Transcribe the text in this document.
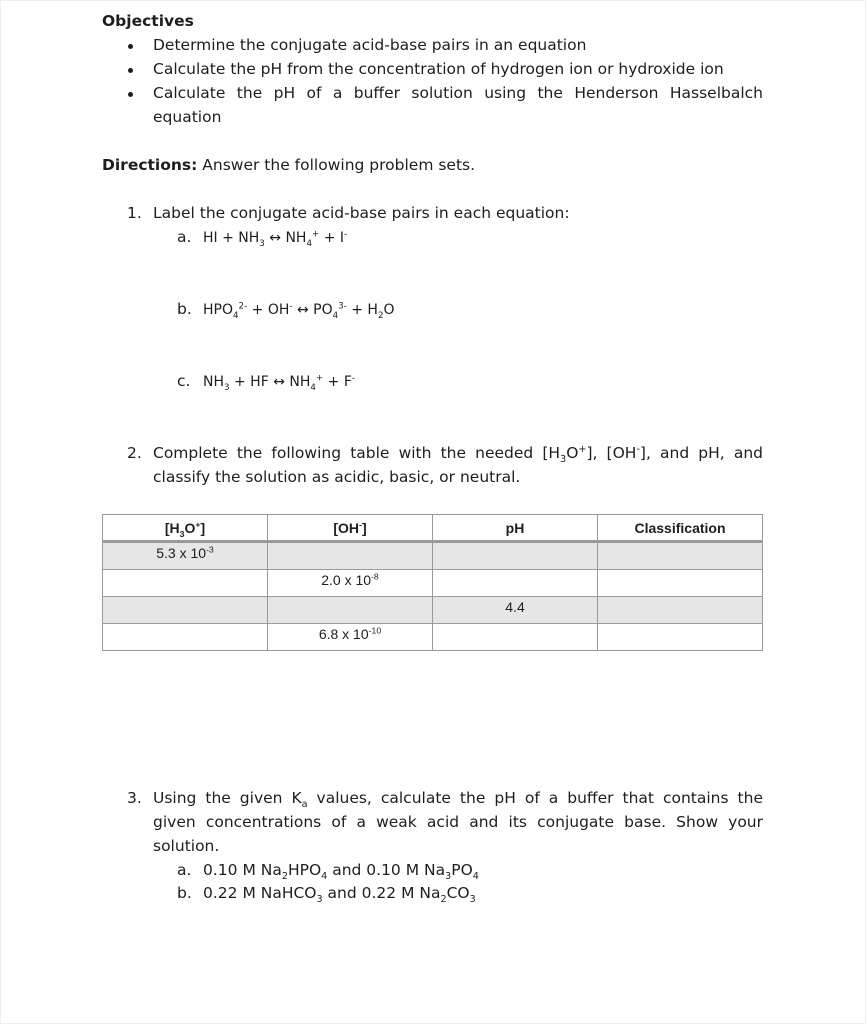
Objectives
Determine the conjugate acid-base pairs in an equation
Calculate the pH from the concentration of hydrogen ion or hydroxide ion
Calculate the pH of a buffer solution using the Henderson Hasselbalch
equation
Directions: Answer the following problem sets.
1. Label the conjugate acid-base pairs in each equation:
a. HI + $NH_3$ ↔ $NH_4^+ + I^-$
b. $HPO_4^{2-} + OH^-$ ↔ $PO_4^{3-} + H_2O$
c. $NH_3$ + HF ↔ $NH_4^+ + F^-$
2. Complete the following table with the needed $[H_3O^+]$, [OH-], and pH, and
classify the solution as acidic, basic, or neutral.
$[H_3O^+]$	[OH-]	pH	Classification
5.3 x $10^{-3}$			
	2.0 x $10^{-8}$		
		4.4	
	6.8 x $10^{-10}$		
3. Using the given $K_a$ values, calculate the pH of a buffer that contains the
given concentrations of a weak acid and its conjugate base. Show your
solution.
a. 0.10 M $Na_2HPO_4$ and 0.10 M $Na_3PO_4$
b. 0.22 M NaHCO$_3$ and 0.22 M $Na_2CO_3$
